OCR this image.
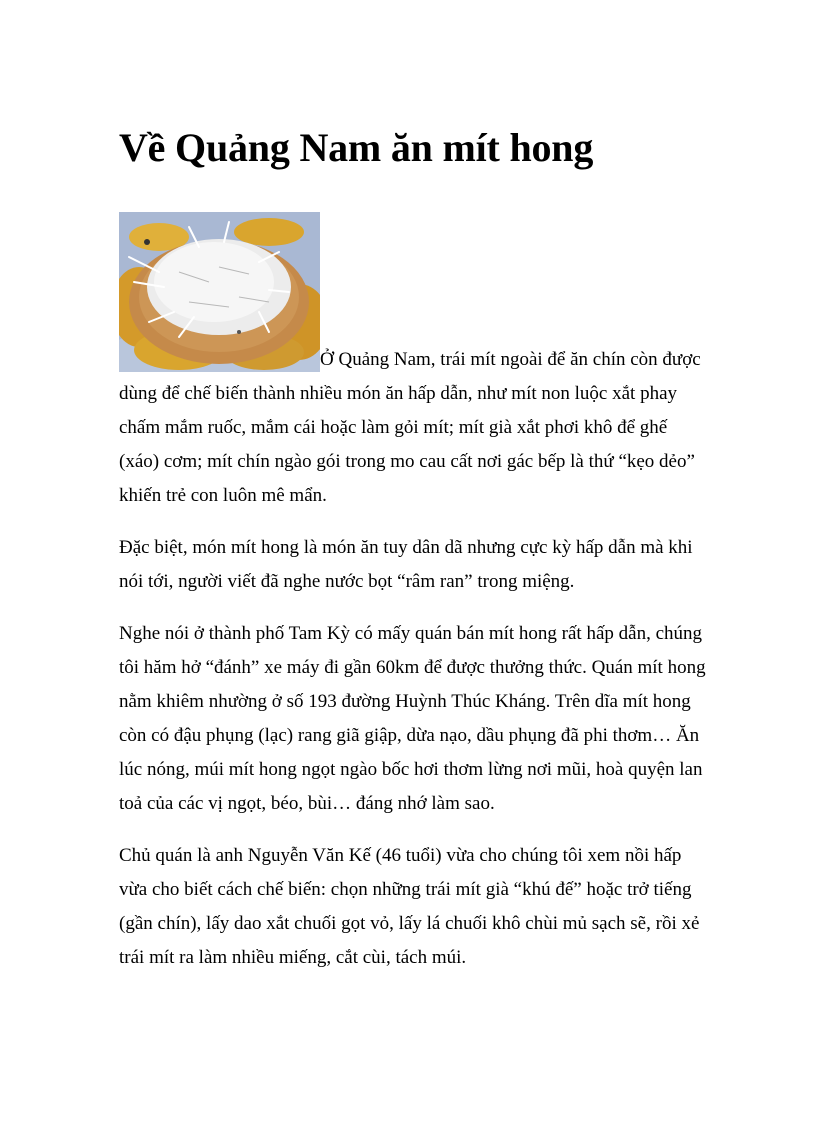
Về Quảng Nam ăn mít hong

Ở Quảng Nam, trái mít ngoài để ăn chín còn được dùng để chế biến thành nhiều món ăn hấp dẫn, như mít non luộc xắt phay chấm mắm ruốc, mắm cái hoặc làm gỏi mít; mít già xắt phơi khô để ghế (xáo) cơm; mít chín ngào gói trong mo cau cất nơi gác bếp là thứ “kẹo dẻo” khiến trẻ con luôn mê mẩn.

Đặc biệt, món mít hong là món ăn tuy dân dã nhưng cực kỳ hấp dẫn mà khi nói tới, người viết đã nghe nước bọt “râm ran” trong miệng.

Nghe nói ở thành phố Tam Kỳ có mấy quán bán mít hong rất hấp dẫn, chúng tôi hăm hở “đánh” xe máy đi gần 60km để được thưởng thức. Quán mít hong nằm khiêm nhường ở số 193 đường Huỳnh Thúc Kháng. Trên dĩa mít hong còn có đậu phụng (lạc) rang giã giập, dừa nạo, dầu phụng đã phi thơm… Ăn lúc nóng, múi mít hong ngọt ngào bốc hơi thơm lừng nơi mũi, hoà quyện lan toả của các vị ngọt, béo, bùi… đáng nhớ làm sao.

Chủ quán là anh Nguyễn Văn Kế (46 tuổi) vừa cho chúng tôi xem nồi hấp vừa cho biết cách chế biến: chọn những trái mít già “khú đế” hoặc trở tiếng (gần chín), lấy dao xắt chuối gọt vỏ, lấy lá chuối khô chùi mủ sạch sẽ, rồi xẻ trái mít ra làm nhiều miếng, cắt cùi, tách múi.
